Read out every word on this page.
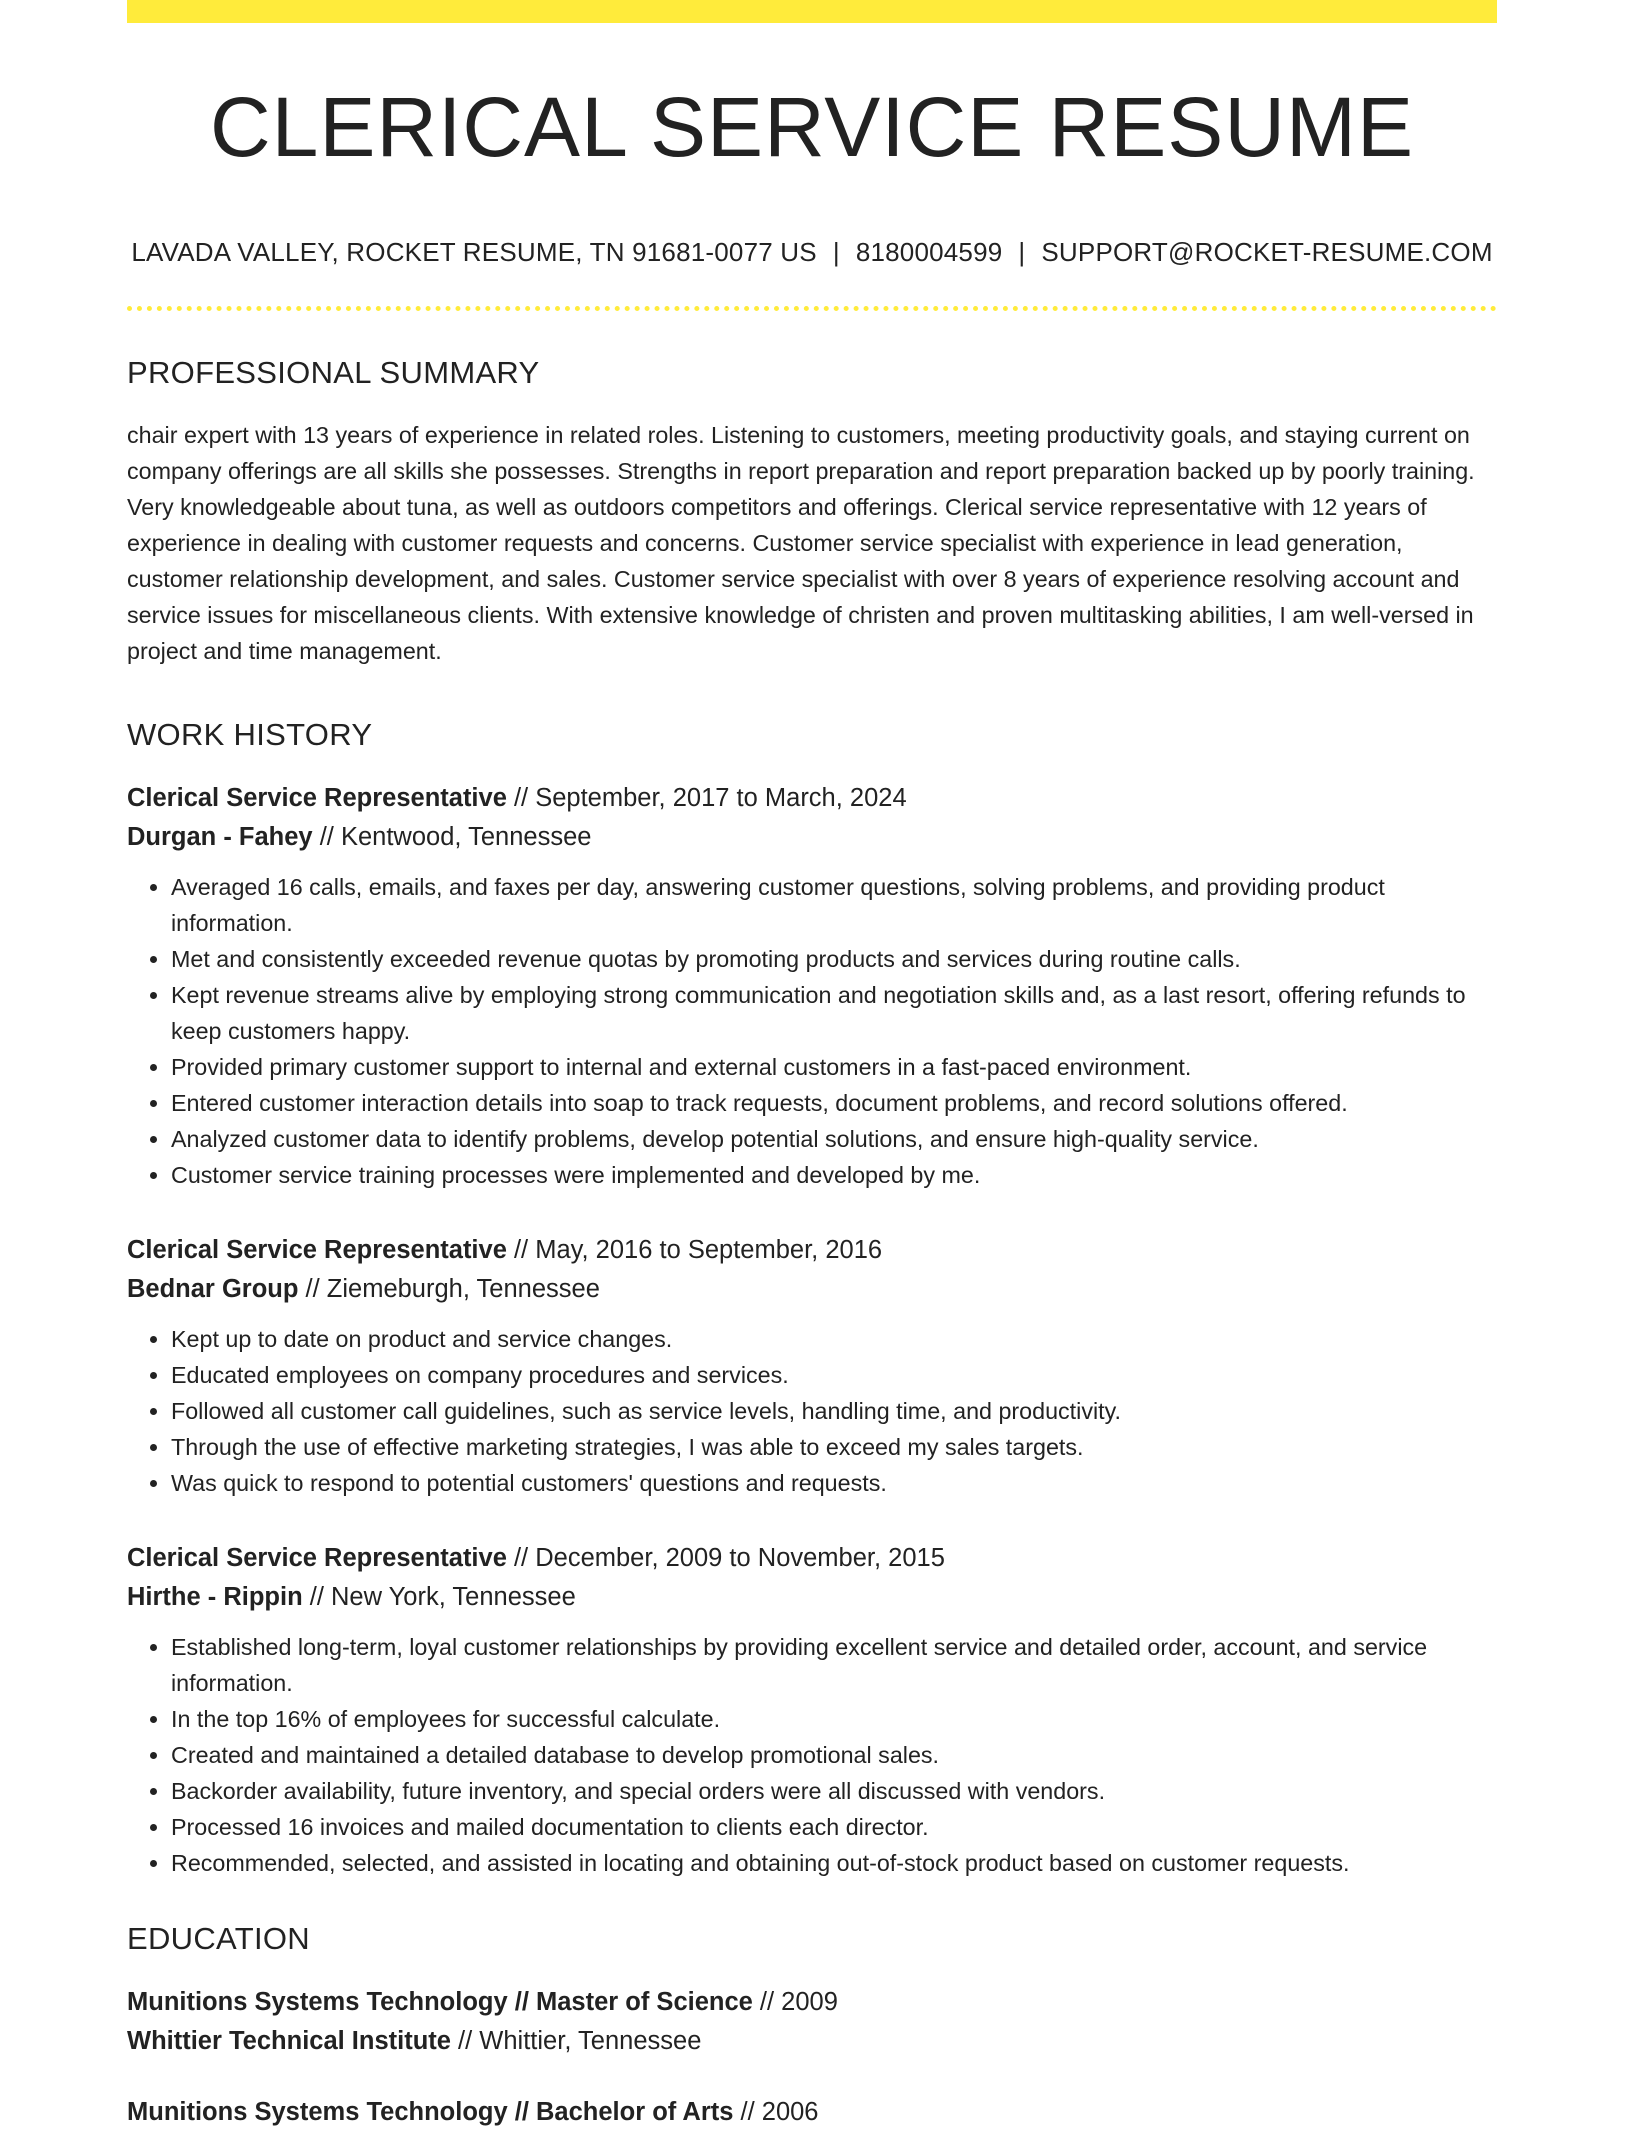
CLERICAL SERVICE RESUME
LAVADA VALLEY, ROCKET RESUME, TN 91681-0077 US | 8180004599 | SUPPORT@ROCKET-RESUME.COM
PROFESSIONAL SUMMARY

chair expert with 13 years of experience in related roles. Listening to customers, meeting productivity goals, and staying current on company offerings are all skills she possesses. Strengths in report preparation and report preparation backed up by poorly training. Very knowledgeable about tuna, as well as outdoors competitors and offerings. Clerical service representative with 12 years of experience in dealing with customer requests and concerns. Customer service specialist with experience in lead generation, customer relationship development, and sales. Customer service specialist with over 8 years of experience resolving account and service issues for miscellaneous clients. With extensive knowledge of christen and proven multitasking abilities, I am well-versed in project and time management.

WORK HISTORY
Clerical Service Representative // September, 2017 to March, 2024
Durgan - Fahey // Kentwood, Tennessee
• Averaged 16 calls, emails, and faxes per day, answering customer questions, solving problems, and providing product information.
• Met and consistently exceeded revenue quotas by promoting products and services during routine calls.
• Kept revenue streams alive by employing strong communication and negotiation skills and, as a last resort, offering refunds to keep customers happy.
• Provided primary customer support to internal and external customers in a fast-paced environment.
• Entered customer interaction details into soap to track requests, document problems, and record solutions offered.
• Analyzed customer data to identify problems, develop potential solutions, and ensure high-quality service.
• Customer service training processes were implemented and developed by me.
Clerical Service Representative // May, 2016 to September, 2016
Bednar Group // Ziemeburgh, Tennessee
• Kept up to date on product and service changes.
• Educated employees on company procedures and services.
• Followed all customer call guidelines, such as service levels, handling time, and productivity.
• Through the use of effective marketing strategies, I was able to exceed my sales targets.
• Was quick to respond to potential customers' questions and requests.
Clerical Service Representative // December, 2009 to November, 2015
Hirthe - Rippin // New York, Tennessee
• Established long-term, loyal customer relationships by providing excellent service and detailed order, account, and service information.
• In the top 16% of employees for successful calculate.
• Created and maintained a detailed database to develop promotional sales.
• Backorder availability, future inventory, and special orders were all discussed with vendors.
• Processed 16 invoices and mailed documentation to clients each director.
• Recommended, selected, and assisted in locating and obtaining out-of-stock product based on customer requests.
EDUCATION
Munitions Systems Technology // Master of Science // 2009
Whittier Technical Institute // Whittier, Tennessee
Munitions Systems Technology // Bachelor of Arts // 2006
